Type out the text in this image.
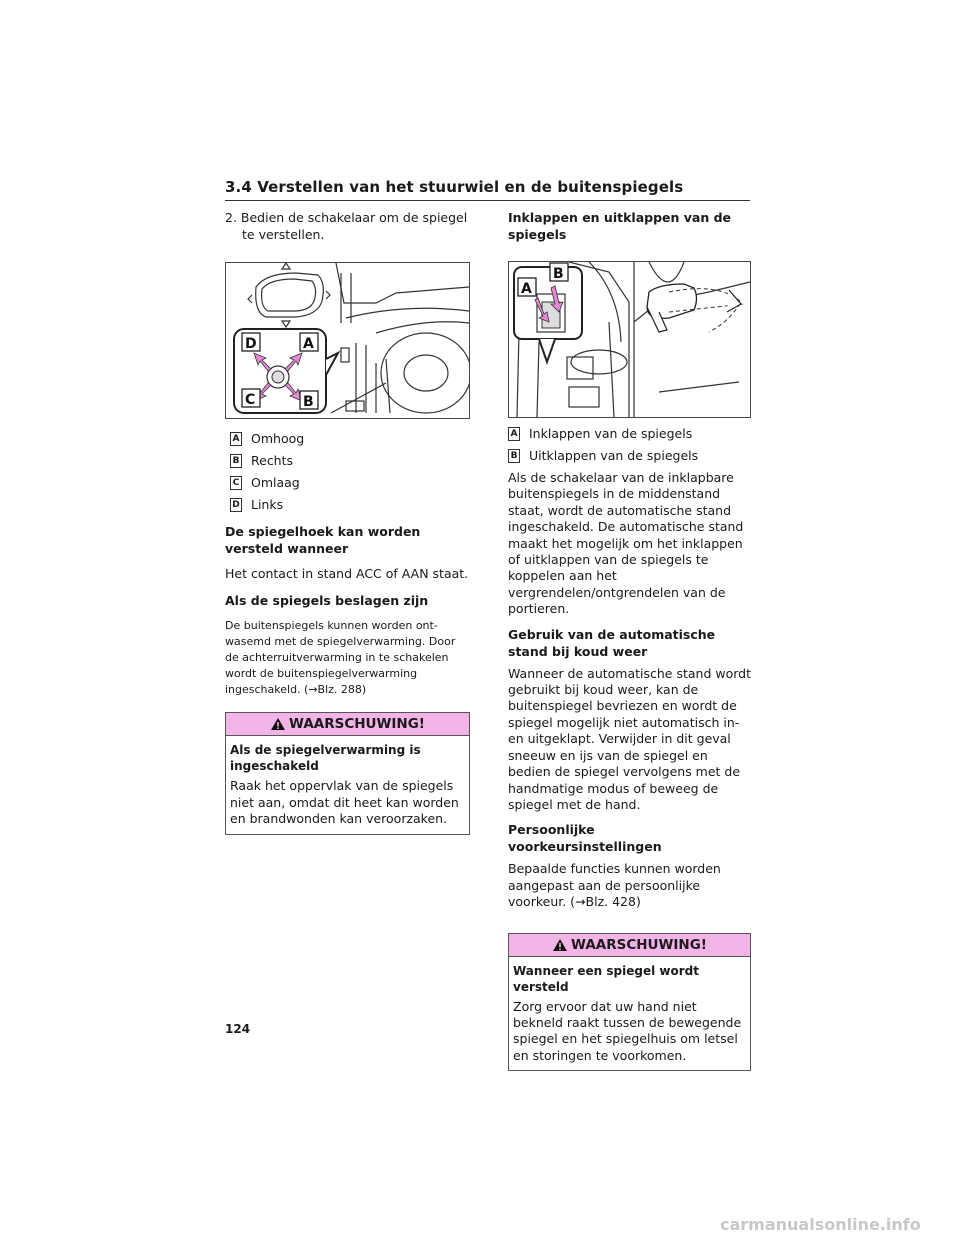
3.4 Verstellen van het stuurwiel en de buitenspiegels

2. Bedien de schakelaar om de spiegel te verstellen.

D	A
C	B
A Omhoog
B Rechts
C Omlaag
D Links

De spiegelhoek kan worden versteld wanneer

Het contact in stand ACC of AAN staat.

Als de spiegels beslagen zijn

De buitenspiegels kunnen worden ont-wasemd met de spiegelverwarming. Door de achterruitverwarming in te schakelen wordt de buitenspiegelverwarming ingeschakeld. (→Blz. 288)

WAARSCHUWING!

Als de spiegelverwarming is ingeschakeld

Raak het oppervlak van de spiegels niet aan, omdat dit heet kan worden en brandwonden kan veroorzaken.

Inklappen en uitklappen van de spiegels

A
B
A Inklappen van de spiegels
B Uitklappen van de spiegels

Als de schakelaar van de inklapbare buitenspiegels in de middenstand staat, wordt de automatische stand ingeschakeld. De automatische stand maakt het mogelijk om het inklappen of uitklappen van de spiegels te koppelen aan het vergrendelen/ontgrendelen van de portieren.

Gebruik van de automatische stand bij koud weer

Wanneer de automatische stand wordt gebruikt bij koud weer, kan de buitenspiegel bevriezen en wordt de spiegel mogelijk niet automatisch in- en uitgeklapt. Verwijder in dit geval sneeuw en ijs van de spiegel en bedien de spiegel vervolgens met de handmatige modus of beweeg de spiegel met de hand.

Persoonlijke voorkeursinstellingen

Bepaalde functies kunnen worden aangepast aan de persoonlijke voorkeur. (→Blz. 428)

WAARSCHUWING!

Wanneer een spiegel wordt versteld

Zorg ervoor dat uw hand niet bekneld raakt tussen de bewegende spiegel en het spiegelhuis om letsel en storingen te voorkomen.

124
carmanualsonline.info
